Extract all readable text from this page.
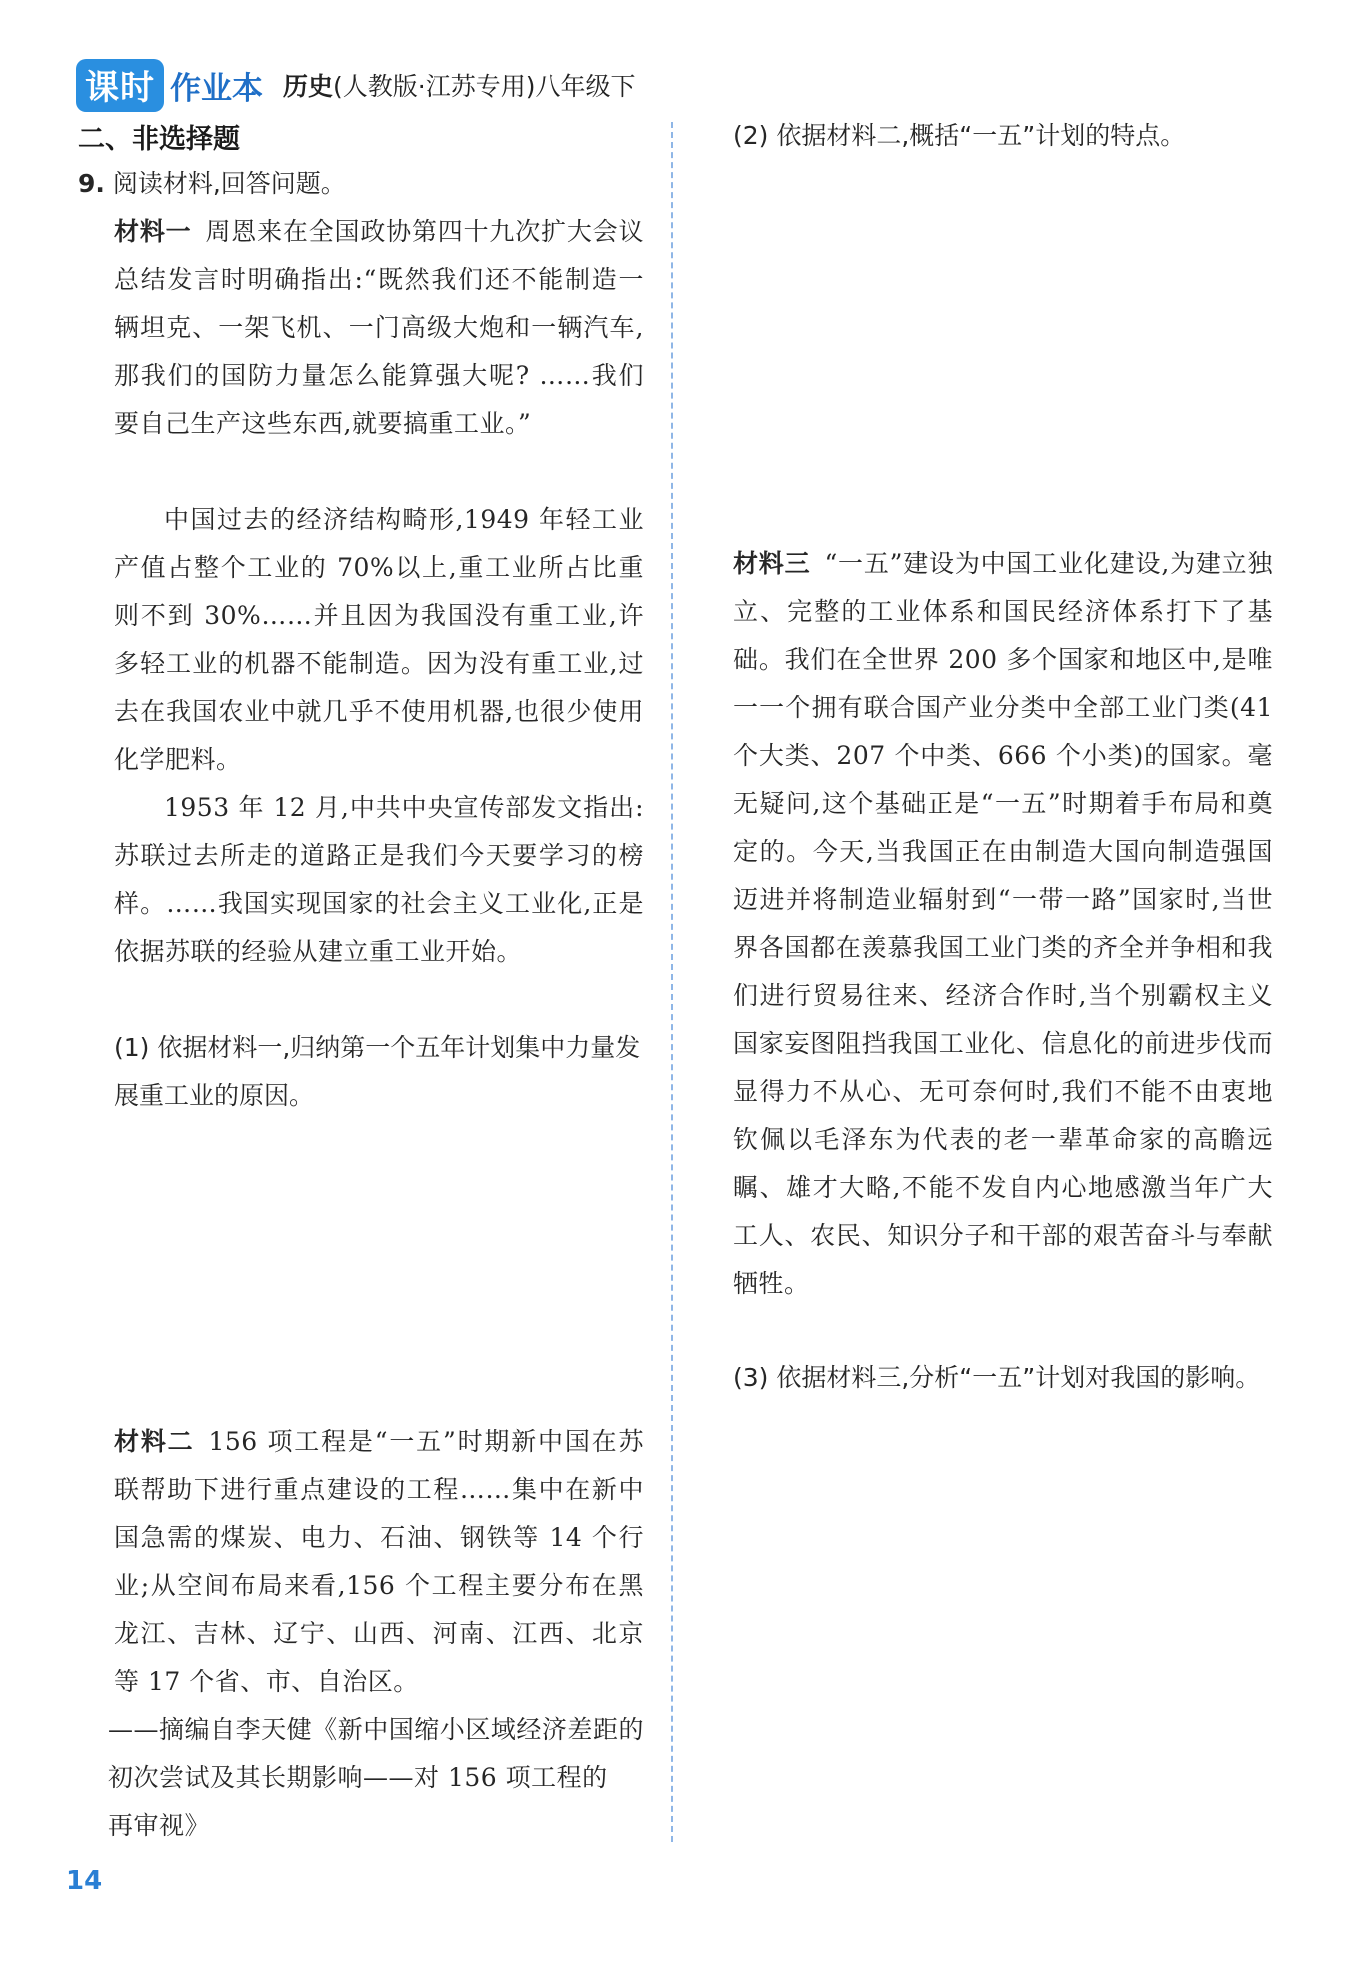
课时 作业本 历史(人教版·江苏专用)八年级下
二、非选择题
9. 阅读材料,回答问题。
材料一 周恩来在全国政协第四十九次扩大会议总结发言时明确指出:“既然我们还不能制造一辆坦克、一架飞机、一门高级大炮和一辆汽车,那我们的国防力量怎么能算强大呢? ……我们要自己生产这些东西,就要搞重工业。”
中国过去的经济结构畸形,1949 年轻工业产值占整个工业的 70%以上,重工业所占比重则不到 30%……并且因为我国没有重工业,许多轻工业的机器不能制造。因为没有重工业,过去在我国农业中就几乎不使用机器,也很少使用化学肥料。
1953 年 12 月,中共中央宣传部发文指出:苏联过去所走的道路正是我们今天要学习的榜样。……我国实现国家的社会主义工业化,正是依据苏联的经验从建立重工业开始。
(1) 依据材料一,归纳第一个五年计划集中力量发展重工业的原因。
材料二 156 项工程是“一五”时期新中国在苏联帮助下进行重点建设的工程……集中在新中国急需的煤炭、电力、石油、钢铁等 14 个行业;从空间布局来看,156 个工程主要分布在黑龙江、吉林、辽宁、山西、河南、江西、北京等 17 个省、市、自治区。
——摘编自李天健《新中国缩小区域经济差距的初次尝试及其长期影响——对 156 项工程的
再审视》
(2) 依据材料二,概括“一五”计划的特点。
材料三 “一五”建设为中国工业化建设,为建立独立、完整的工业体系和国民经济体系打下了基础。我们在全世界 200 多个国家和地区中,是唯一一个拥有联合国产业分类中全部工业门类(41 个大类、207 个中类、666 个小类)的国家。毫无疑问,这个基础正是“一五”时期着手布局和奠定的。今天,当我国正在由制造大国向制造强国迈进并将制造业辐射到“一带一路”国家时,当世界各国都在羡慕我国工业门类的齐全并争相和我们进行贸易往来、经济合作时,当个别霸权主义国家妄图阻挡我国工业化、信息化的前进步伐而显得力不从心、无可奈何时,我们不能不由衷地钦佩以毛泽东为代表的老一辈革命家的高瞻远瞩、雄才大略,不能不发自内心地感激当年广大工人、农民、知识分子和干部的艰苦奋斗与奉献牺牲。
(3) 依据材料三,分析“一五”计划对我国的影响。
14
